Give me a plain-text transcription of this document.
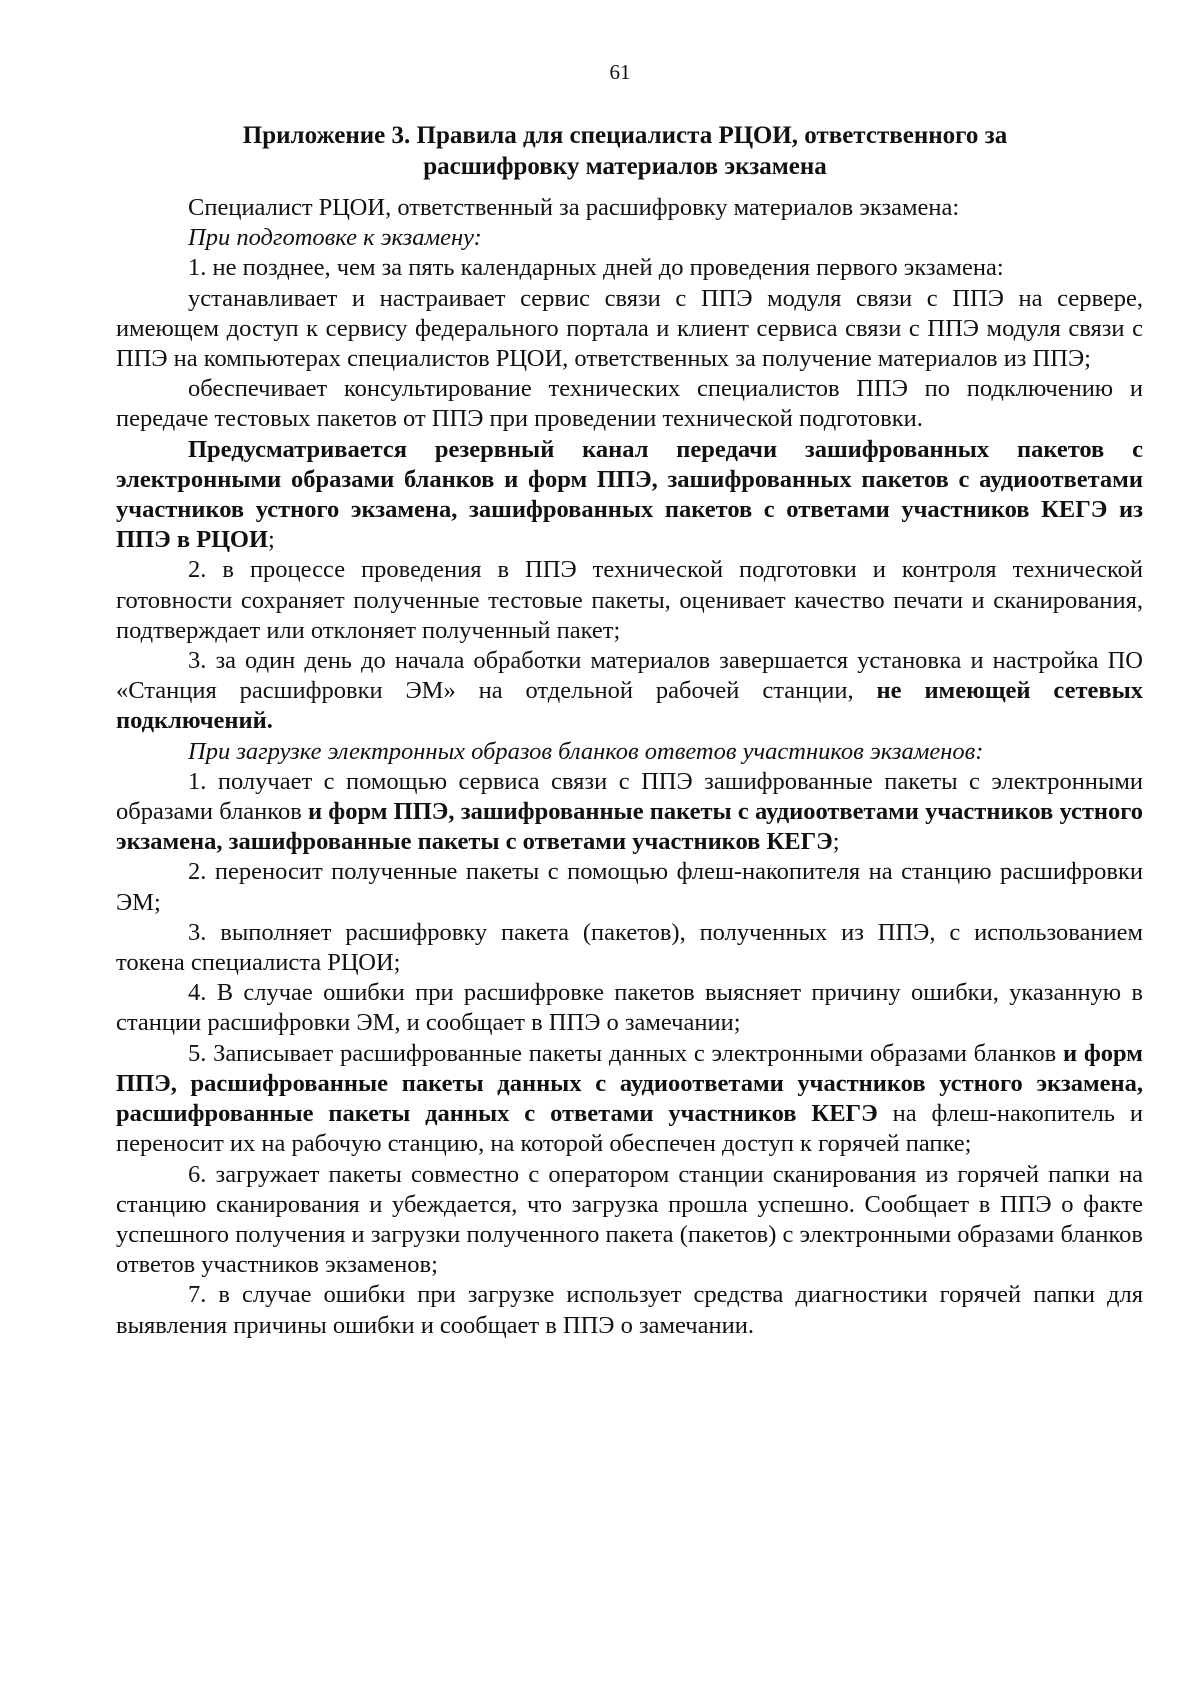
61
Приложение 3. Правила для специалиста РЦОИ, ответственного за
расшифровку материалов экзамена

Специалист РЦОИ, ответственный за расшифровку материалов экзамена:

При подготовке к экзамену:

1. не позднее, чем за пять календарных дней до проведения первого экзамена:

устанавливает и настраивает сервис связи с ППЭ модуля связи с ППЭ на сервере, имеющем доступ к сервису федерального портала и клиент сервиса связи с ППЭ модуля связи с ППЭ на компьютерах специалистов РЦОИ, ответственных за получение материалов из ППЭ;

обеспечивает консультирование технических специалистов ППЭ по подключению и передаче тестовых пакетов от ППЭ при проведении технической подготовки.

Предусматривается резервный канал передачи зашифрованных пакетов с электронными образами бланков и форм ППЭ, зашифрованных пакетов с аудиоответами участников устного экзамена, зашифрованных пакетов с ответами участников КЕГЭ из ППЭ в РЦОИ;

2. в процессе проведения в ППЭ технической подготовки и контроля технической готовности сохраняет полученные тестовые пакеты, оценивает качество печати и сканирования, подтверждает или отклоняет полученный пакет;

3. за один день до начала обработки материалов завершается установка и настройка ПО «Станция расшифровки ЭМ» на отдельной рабочей станции, не имеющей сетевых подключений.

При загрузке электронных образов бланков ответов участников экзаменов:

1. получает с помощью сервиса связи с ППЭ зашифрованные пакеты с электронными образами бланков и форм ППЭ, зашифрованные пакеты с аудиоответами участников устного экзамена, зашифрованные пакеты с ответами участников КЕГЭ;

2. переносит полученные пакеты с помощью флеш-накопителя на станцию расшифровки ЭМ;

3. выполняет расшифровку пакета (пакетов), полученных из ППЭ, с использованием токена специалиста РЦОИ;

4. В случае ошибки при расшифровке пакетов выясняет причину ошибки, указанную в станции расшифровки ЭМ, и сообщает в ППЭ о замечании;

5. Записывает расшифрованные пакеты данных с электронными образами бланков и форм ППЭ, расшифрованные пакеты данных с аудиоответами участников устного экзамена, расшифрованные пакеты данных с ответами участников КЕГЭ на флеш-накопитель и переносит их на рабочую станцию, на которой обеспечен доступ к горячей папке;

6. загружает пакеты совместно с оператором станции сканирования из горячей папки на станцию сканирования и убеждается, что загрузка прошла успешно. Сообщает в ППЭ о факте успешного получения и загрузки полученного пакета (пакетов) с электронными образами бланков ответов участников экзаменов;

7. в случае ошибки при загрузке использует средства диагностики горячей папки для выявления причины ошибки и сообщает в ППЭ о замечании.
